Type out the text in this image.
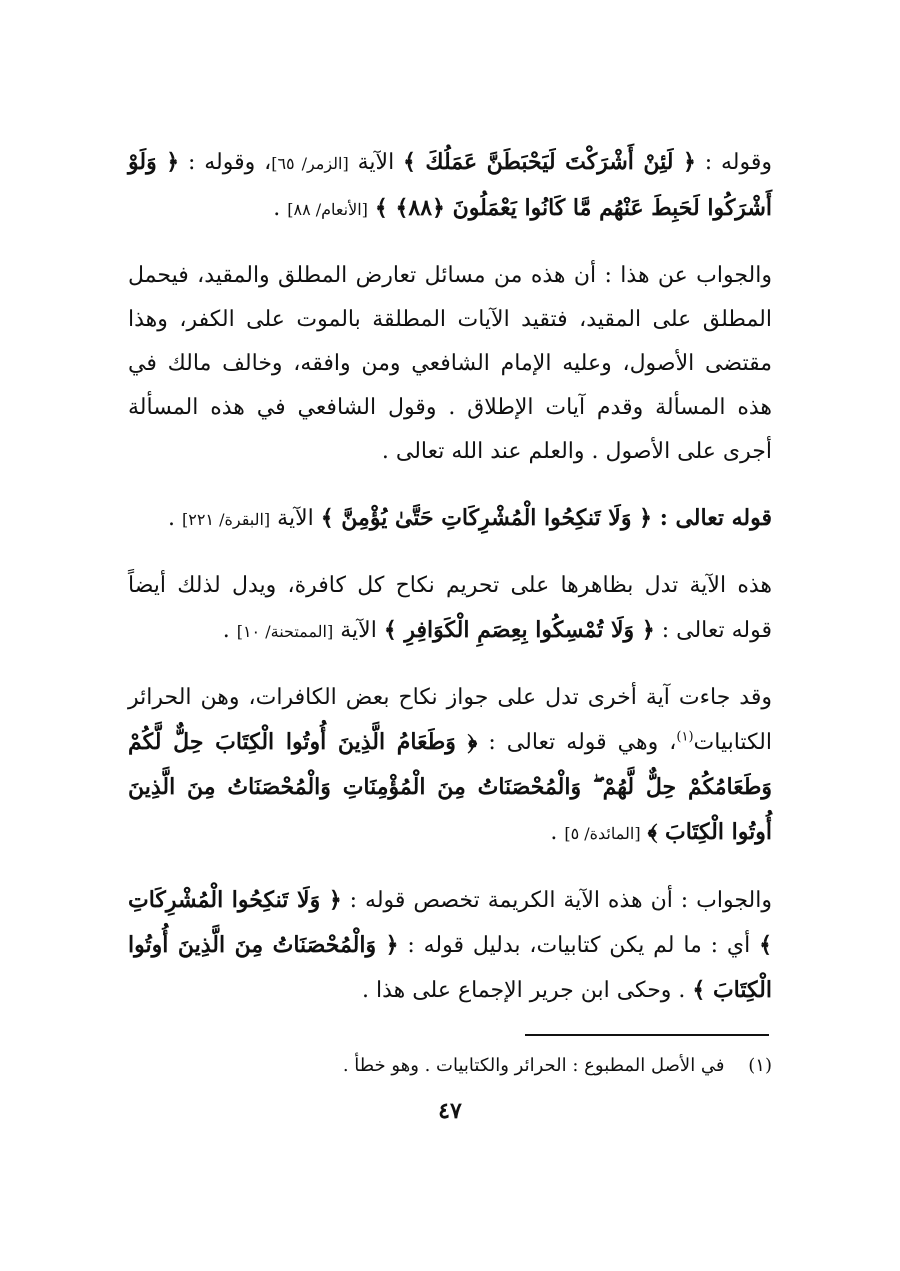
وقوله : ﴿ لَئِنْ أَشْرَكْتَ لَيَحْبَطَنَّ عَمَلُكَ ﴾ الآية [الزمر/ ٦٥]، وقوله : ﴿ وَلَوْ أَشْرَكُوا لَحَبِطَ عَنْهُم مَّا كَانُوا يَعْمَلُونَ ﴿٨٨﴾ ﴾ [الأنعام/ ٨٨] .

والجواب عن هذا : أن هذه من مسائل تعارض المطلق والمقيد، فيحمل المطلق على المقيد، فتقيد الآيات المطلقة بالموت على الكفر، وهذا مقتضى الأصول، وعليه الإمام الشافعي ومن وافقه، وخالف مالك في هذه المسألة وقدم آيات الإطلاق . وقول الشافعي في هذه المسألة أجرى على الأصول . والعلم عند الله تعالى .

قوله تعالى : ﴿ وَلَا تَنكِحُوا الْمُشْرِكَاتِ حَتَّىٰ يُؤْمِنَّ ﴾ الآية [البقرة/ ٢٢١] .

هذه الآية تدل بظاهرها على تحريم نكاح كل كافرة، ويدل لذلك أيضاً قوله تعالى : ﴿ وَلَا تُمْسِكُوا بِعِصَمِ الْكَوَافِرِ ﴾ الآية [الممتحنة/ ١٠] .

وقد جاءت آية أخرى تدل على جواز نكاح بعض الكافرات، وهن الحرائر الكتابيات$^{(١)}$، وهي قوله تعالى : ﴿ وَطَعَامُ الَّذِينَ أُوتُوا الْكِتَابَ حِلٌّ لَّكُمْ وَطَعَامُكُمْ حِلٌّ لَّهُمْ ۖ وَالْمُحْصَنَاتُ مِنَ الْمُؤْمِنَاتِ وَالْمُحْصَنَاتُ مِنَ الَّذِينَ أُوتُوا الْكِتَابَ ﴾ [المائدة/ ٥] .

والجواب : أن هذه الآية الكريمة تخصص قوله : ﴿ وَلَا تَنكِحُوا الْمُشْرِكَاتِ ﴾ أي : ما لم يكن كتابيات، بدليل قوله : ﴿ وَالْمُحْصَنَاتُ مِنَ الَّذِينَ أُوتُوا الْكِتَابَ ﴾ . وحكى ابن جرير الإجماع على هذا .

(١) في الأصل المطبوع : الحرائر والكتابيات . وهو خطأ .
٤٧
